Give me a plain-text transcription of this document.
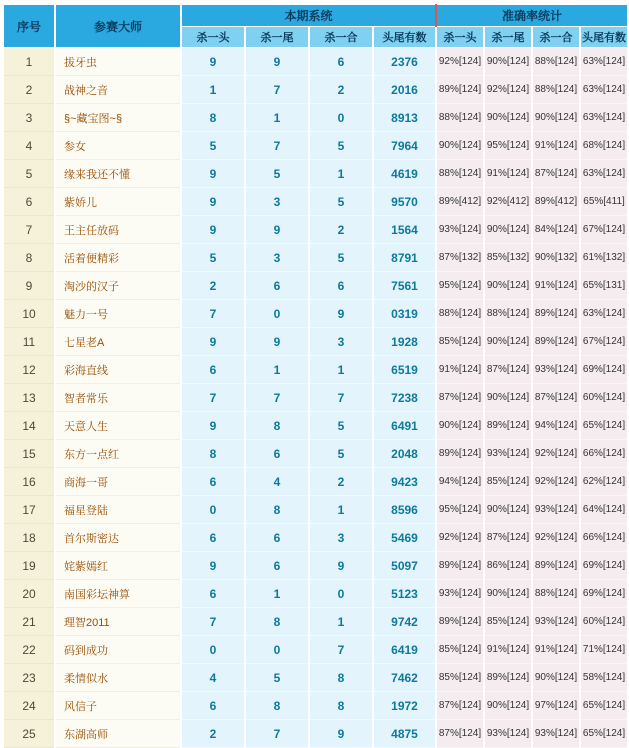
序号	参赛大师	本期系统				准确率统计			
		杀一头	杀一尾	杀一合	头尾有数	杀一头	杀一尾	杀一合	头尾有数
1	拔牙虫	9	9	6	2376	92%[124]	90%[124]	88%[124]	63%[124]
2	战神之音	1	7	2	2016	89%[124]	92%[124]	88%[124]	63%[124]
3	§~藏宝图~§	8	1	0	8913	88%[124]	90%[124]	90%[124]	63%[124]
4	参女	5	7	5	7964	90%[124]	95%[124]	91%[124]	68%[124]
5	缘来我还不懂	9	5	1	4619	88%[124]	91%[124]	87%[124]	63%[124]
6	紫娇儿	9	3	5	9570	89%[412]	92%[412]	89%[412]	65%[411]
7	王主任放码	9	9	2	1564	93%[124]	90%[124]	84%[124]	67%[124]
8	活着便精彩	5	3	5	8791	87%[132]	85%[132]	90%[132]	61%[132]
9	淘沙的汉子	2	6	6	7561	95%[124]	90%[124]	91%[124]	65%[131]
10	魅力一号	7	0	9	0319	88%[124]	88%[124]	89%[124]	63%[124]
11	七星老A	9	9	3	1928	85%[124]	90%[124]	89%[124]	67%[124]
12	彩海直线	6	1	1	6519	91%[124]	87%[124]	93%[124]	69%[124]
13	智者常乐	7	7	7	7238	87%[124]	90%[124]	87%[124]	60%[124]
14	天意人生	9	8	5	6491	90%[124]	89%[124]	94%[124]	65%[124]
15	东方一点红	8	6	5	2048	89%[124]	93%[124]	92%[124]	66%[124]
16	商海一哥	6	4	2	9423	94%[124]	85%[124]	92%[124]	62%[124]
17	福星登陆	0	8	1	8596	95%[124]	90%[124]	93%[124]	64%[124]
18	首尔斯密达	6	6	3	5469	92%[124]	87%[124]	92%[124]	66%[124]
19	姹紫嫣红	9	6	9	5097	89%[124]	86%[124]	89%[124]	69%[124]
20	南国彩坛神算	6	1	0	5123	93%[124]	90%[124]	88%[124]	69%[124]
21	理智2011	7	8	1	9742	89%[124]	85%[124]	93%[124]	60%[124]
22	码到成功	0	0	7	6419	85%[124]	91%[124]	91%[124]	71%[124]
23	柔情似水	4	5	8	7462	85%[124]	89%[124]	90%[124]	58%[124]
24	风信子	6	8	8	1972	87%[124]	90%[124]	97%[124]	65%[124]
25	东湖高师	2	7	9	4875	87%[124]	93%[124]	93%[124]	65%[124]
